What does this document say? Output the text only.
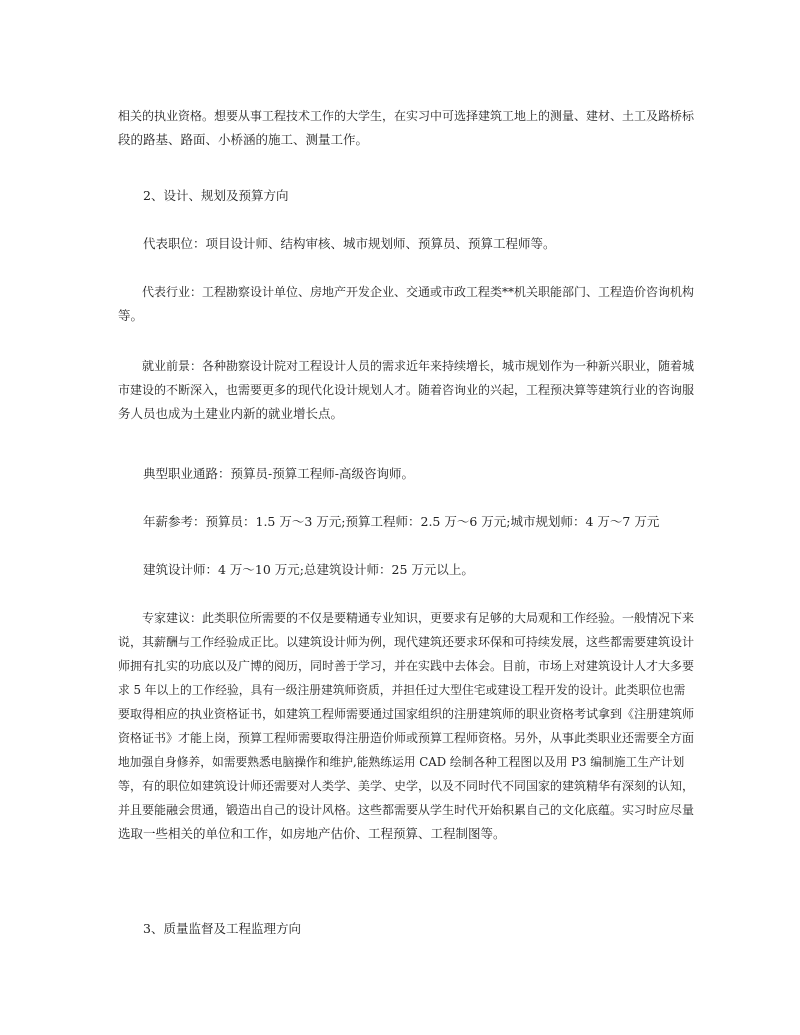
相关的执业资格。想要从事工程技术工作的大学生，在实习中可选择建筑工地上的测量、建材、土工及路桥标
段的路基、路面、小桥涵的施工、测量工作。

　　2、设计、规划及预算方向

　　代表职位：项目设计师、结构审核、城市规划师、预算员、预算工程师等。

　　代表行业：工程勘察设计单位、房地产开发企业、交通或市政工程类**机关职能部门、工程造价咨询机构
等。

　　就业前景：各种勘察设计院对工程设计人员的需求近年来持续增长，城市规划作为一种新兴职业，随着城
市建设的不断深入，也需要更多的现代化设计规划人才。随着咨询业的兴起，工程预决算等建筑行业的咨询服
务人员也成为土建业内新的就业增长点。

　　典型职业通路：预算员-预算工程师-高级咨询师。

　　年薪参考：预算员：1.5 万～3 万元;预算工程师：2.5 万～6 万元;城市规划师：4 万～7 万元

　　建筑设计师：4 万～10 万元;总建筑设计师：25 万元以上。

　　专家建议：此类职位所需要的不仅是要精通专业知识，更要求有足够的大局观和工作经验。一般情况下来
说，其薪酬与工作经验成正比。以建筑设计师为例，现代建筑还要求环保和可持续发展，这些都需要建筑设计
师拥有扎实的功底以及广博的阅历，同时善于学习，并在实践中去体会。目前，市场上对建筑设计人才大多要
求 5 年以上的工作经验，具有一级注册建筑师资质，并担任过大型住宅或建设工程开发的设计。此类职位也需
要取得相应的执业资格证书，如建筑工程师需要通过国家组织的注册建筑师的职业资格考试拿到《注册建筑师
资格证书》才能上岗，预算工程师需要取得注册造价师或预算工程师资格。另外，从事此类职业还需要全方面
地加强自身修养，如需要熟悉电脑操作和维护,能熟练运用 CAD 绘制各种工程图以及用 P3 编制施工生产计划
等，有的职位如建筑设计师还需要对人类学、美学、史学，以及不同时代不同国家的建筑精华有深刻的认知，
并且要能融会贯通，锻造出自己的设计风格。这些都需要从学生时代开始积累自己的文化底蕴。实习时应尽量
选取一些相关的单位和工作，如房地产估价、工程预算、工程制图等。

　　3、质量监督及工程监理方向
